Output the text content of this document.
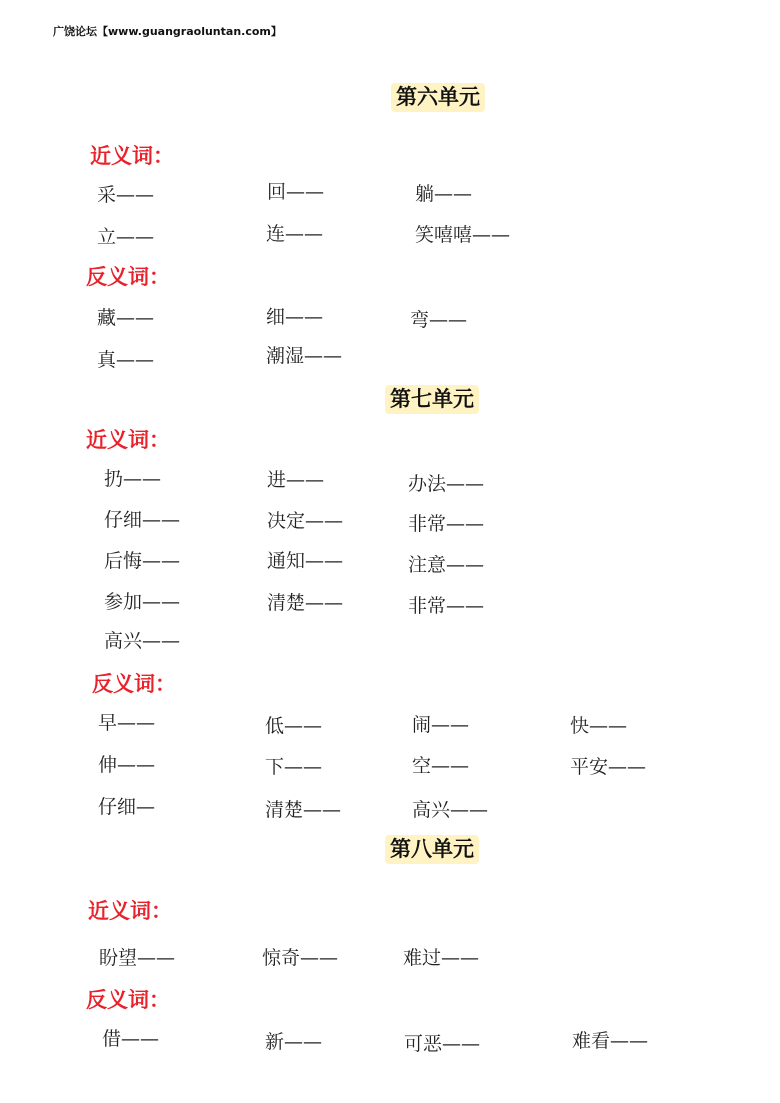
广饶论坛【www.guangraoluntan.com】
第六单元
近义词：
采——	回——	躺——
立——	连——	笑嘻嘻——
反义词：
藏——	细——	弯——
真——	潮湿——
第七单元
近义词：
扔——	进——	办法——
仔细——	决定——	非常——
后悔——	通知——	注意——
参加——	清楚——	非常——
高兴——
反义词：
早——	低——	闹——	快——
伸——	下——	空——	平安——
仔细—	清楚——	高兴——
第八单元
近义词：
盼望——	惊奇——	难过——
反义词：
借——	新——	可恶——	难看——
